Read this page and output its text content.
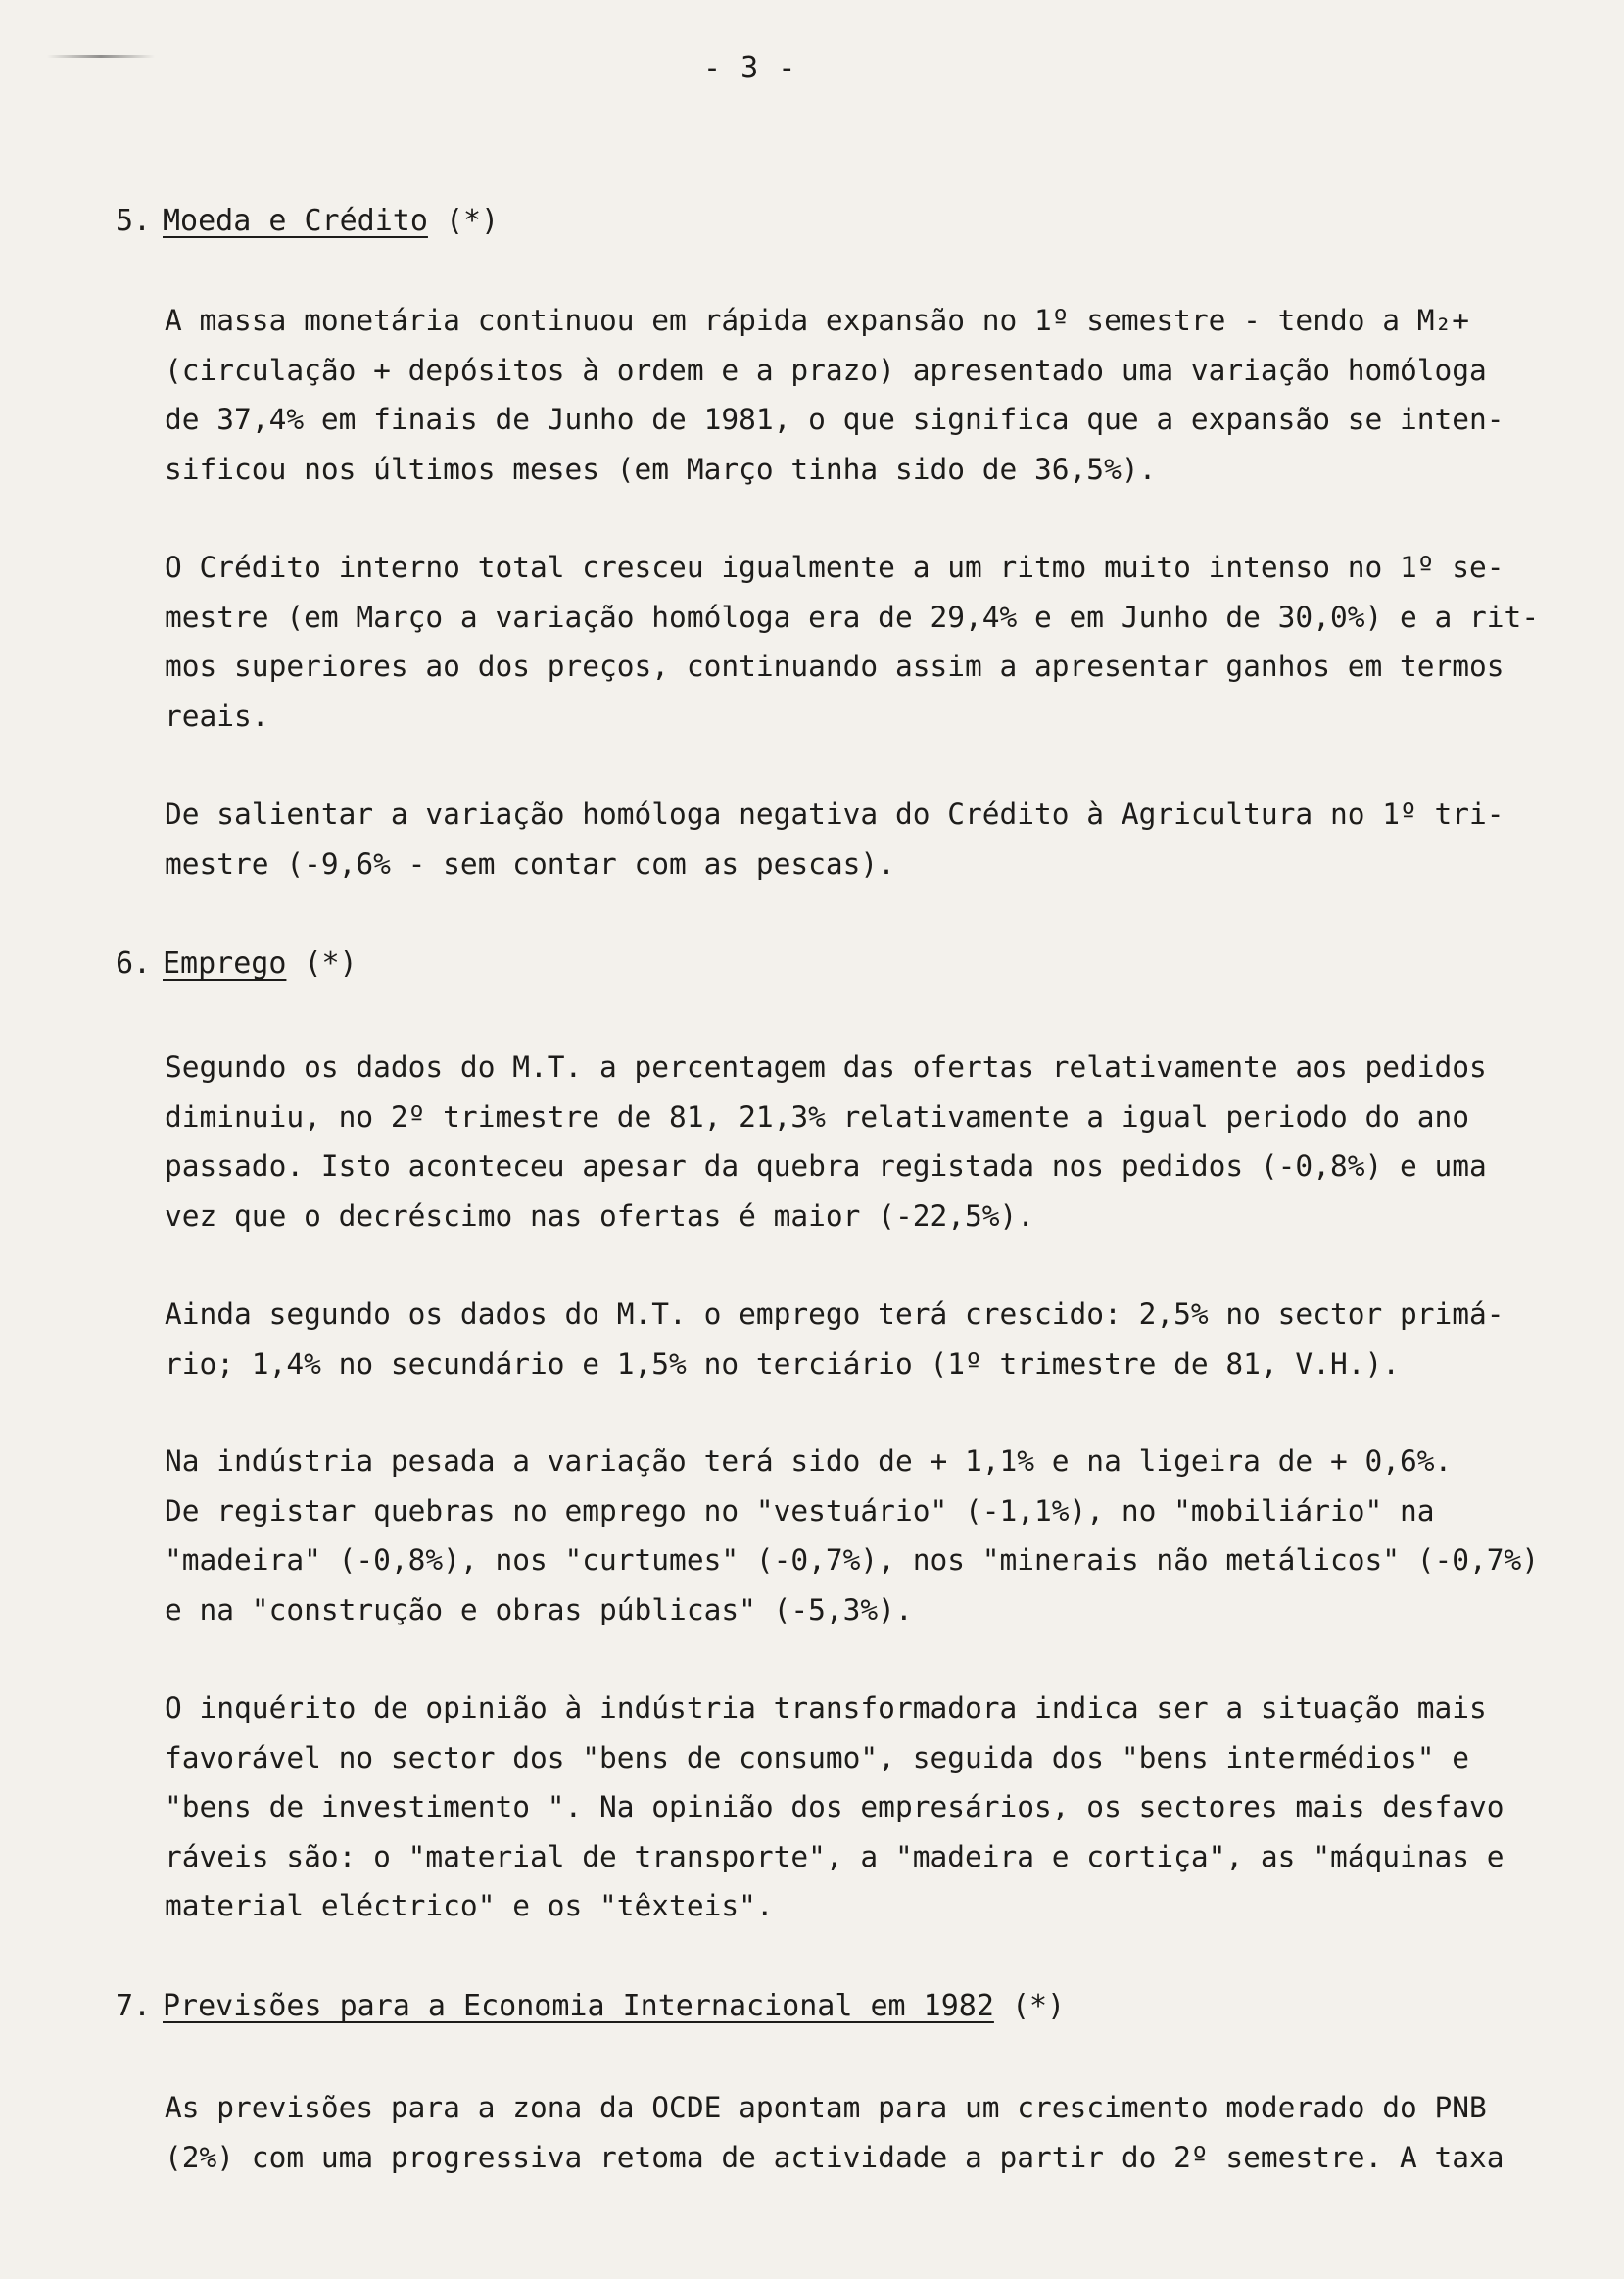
- 3 -
5. Moeda e Crédito (*)
A massa monetária continuou em rápida expansão no 1º semestre - tendo a M₂+
(circulação + depósitos à ordem e a prazo) apresentado uma variação homóloga
de 37,4% em finais de Junho de 1981, o que significa que a expansão se inten-
sificou nos últimos meses (em Março tinha sido de 36,5%).
O Crédito interno total cresceu igualmente a um ritmo muito intenso no 1º se-
mestre (em Março a variação homóloga era de 29,4% e em Junho de 30,0%) e a rit-
mos superiores ao dos preços, continuando assim a apresentar ganhos em termos
reais.
De salientar a variação homóloga negativa do Crédito à Agricultura no 1º tri-
mestre (-9,6% - sem contar com as pescas).
6. Emprego (*)
Segundo os dados do M.T. a percentagem das ofertas relativamente aos pedidos
diminuiu, no 2º trimestre de 81, 21,3% relativamente a igual periodo do ano
passado. Isto aconteceu apesar da quebra registada nos pedidos (-0,8%) e uma
vez que o decréscimo nas ofertas é maior (-22,5%).
Ainda segundo os dados do M.T. o emprego terá crescido: 2,5% no sector primá-
rio; 1,4% no secundário e 1,5% no terciário (1º trimestre de 81, V.H.).
Na indústria pesada a variação terá sido de + 1,1% e na ligeira de + 0,6%.
De registar quebras no emprego no "vestuário" (-1,1%), no "mobiliário" na
"madeira" (-0,8%), nos "curtumes" (-0,7%), nos "minerais não metálicos" (-0,7%)
e na "construção e obras públicas" (-5,3%).
O inquérito de opinião à indústria transformadora indica ser a situação mais
favorável no sector dos "bens de consumo", seguida dos "bens intermédios" e
"bens de investimento ". Na opinião dos empresários, os sectores mais desfavo
ráveis são: o "material de transporte", a "madeira e cortiça", as "máquinas e
material eléctrico" e os "têxteis".
7. Previsões para a Economia Internacional em 1982 (*)
As previsões para a zona da OCDE apontam para um crescimento moderado do PNB
(2%) com uma progressiva retoma de actividade a partir do 2º semestre. A taxa
